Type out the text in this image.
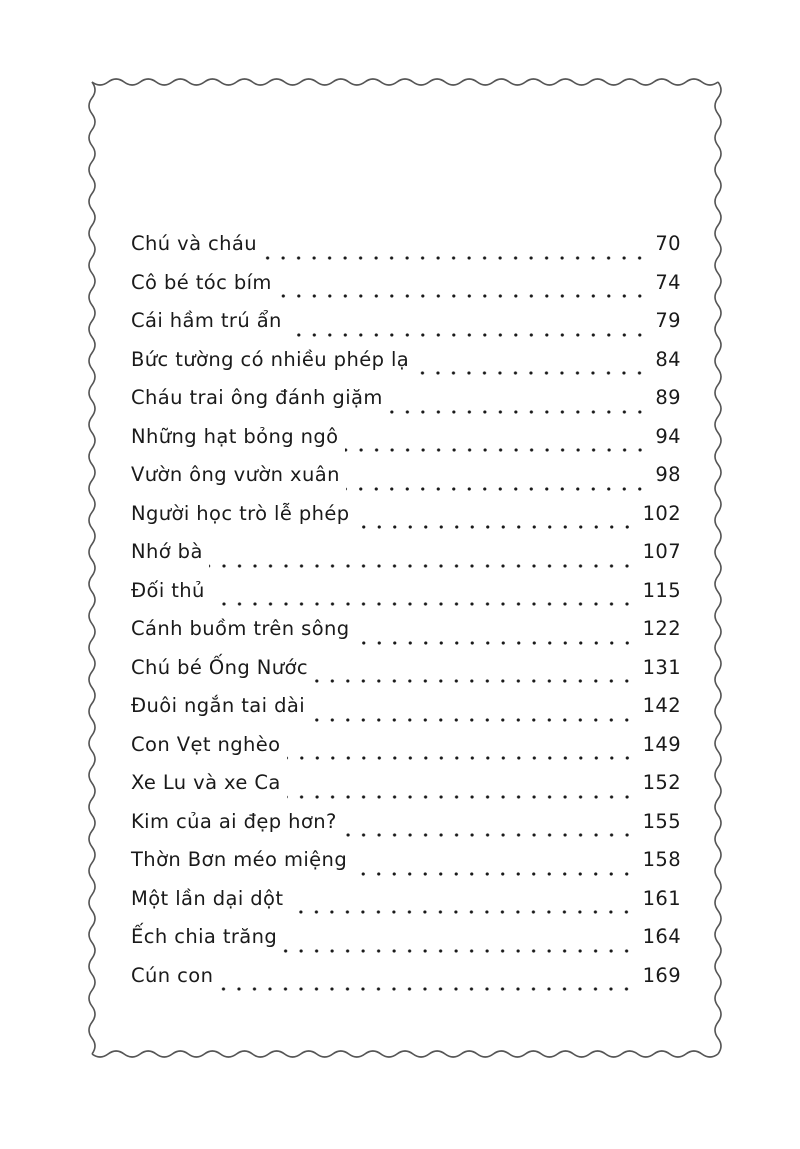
Chú và cháu	70
Cô bé tóc bím	74
Cái hầm trú ẩn	79
Bức tường có nhiều phép lạ	84
Cháu trai ông đánh giặm	89
Những hạt bỏng ngô	94
Vườn ông vườn xuân	98
Người học trò lễ phép	102
Nhớ bà	107
Đối thủ	115
Cánh buồm trên sông	122
Chú bé Ống Nước	131
Đuôi ngắn tai dài	142
Con Vẹt nghèo	149
Xe Lu và xe Ca	152
Kim của ai đẹp hơn?	155
Thờn Bơn méo miệng	158
Một lần dại dột	161
Ếch chia trăng	164
Cún con	169
